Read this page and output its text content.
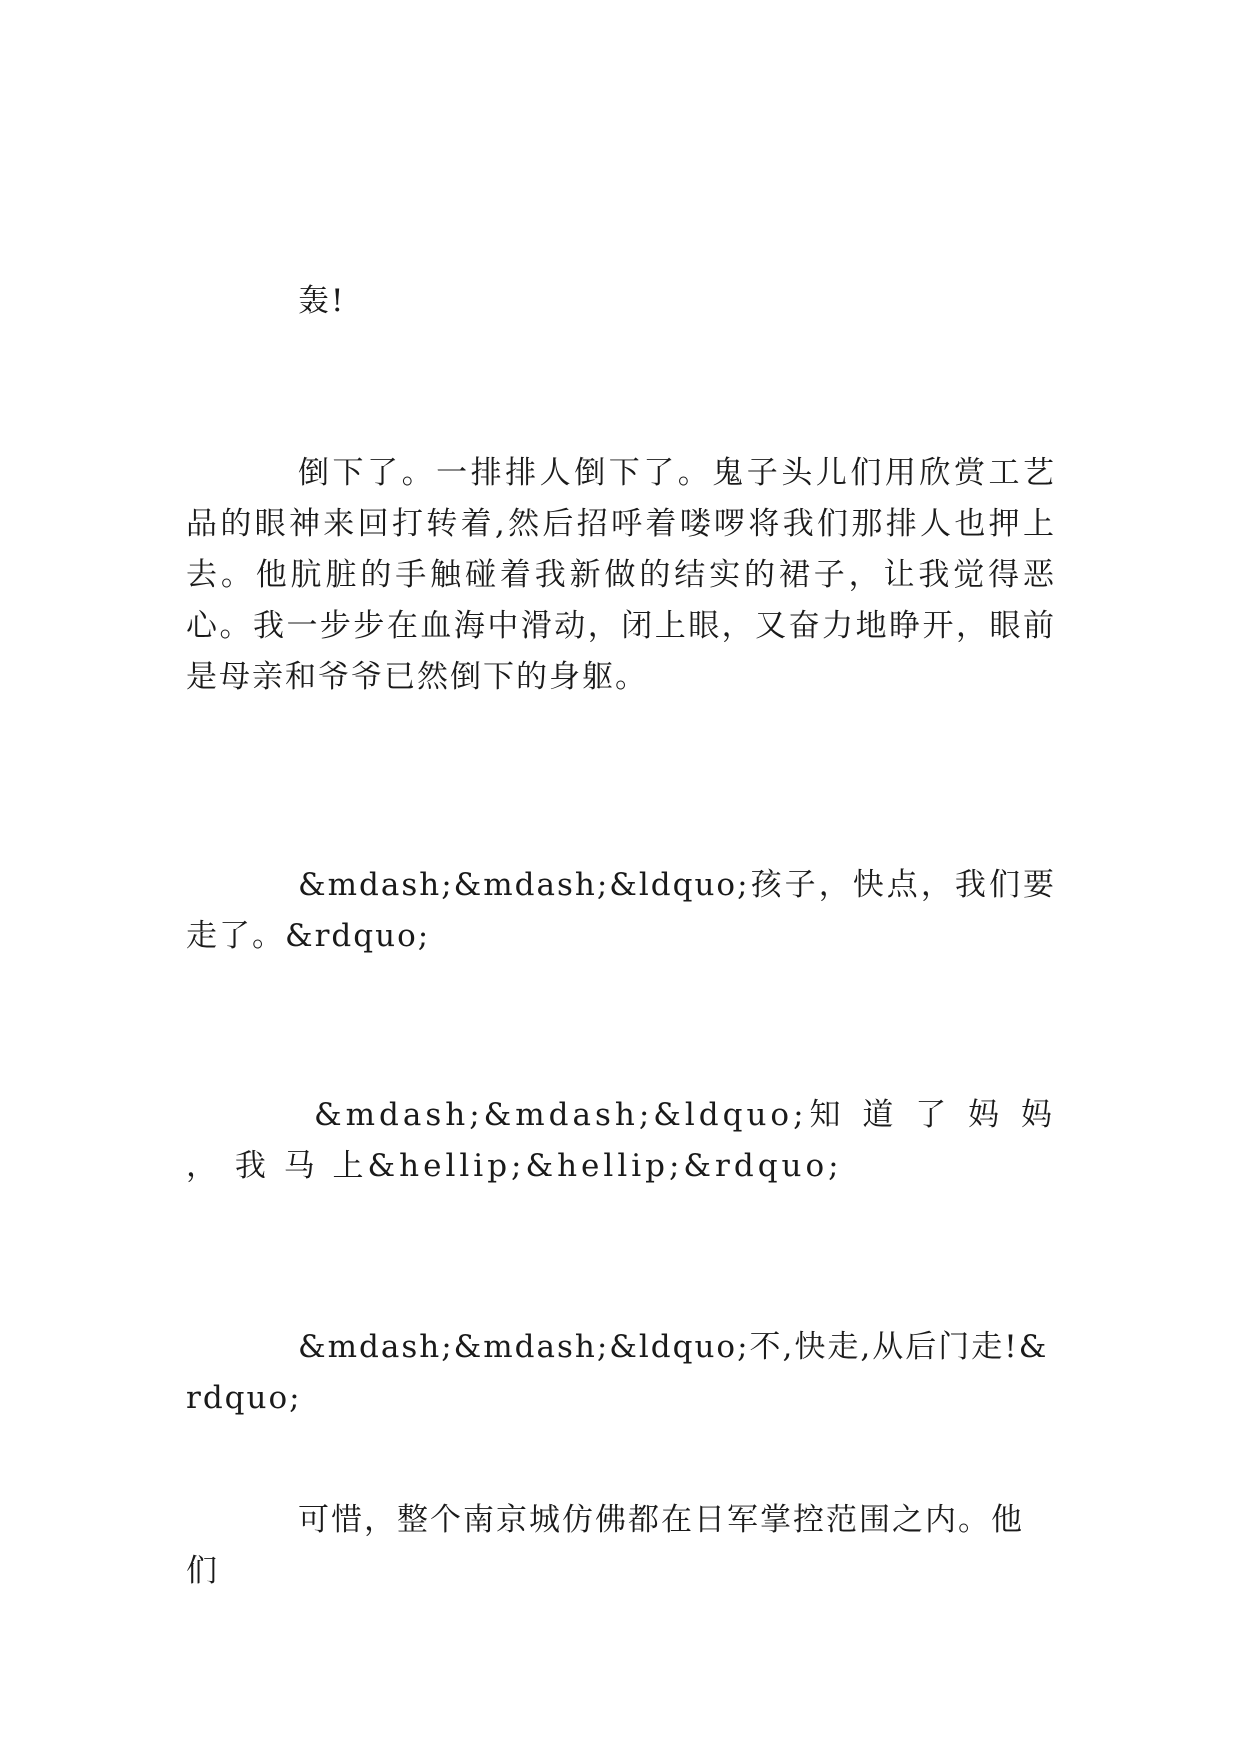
轰!

倒下了。一排排人倒下了。鬼子头儿们用欣赏工艺品的眼神来回打转着,然后招呼着喽啰将我们那排人也押上去。他肮脏的手触碰着我新做的结实的裙子，让我觉得恶心。我一步步在血海中滑动，闭上眼，又奋力地睁开，眼前是母亲和爷爷已然倒下的身躯。

&mdash;&mdash;&ldquo;孩子，快点，我们要走了。&rdquo;

&mdash;&mdash;&ldquo;知 道 了 妈 妈 ， 我 马 上&hellip;&hellip;&rdquo;

&mdash;&mdash;&ldquo;不,快走,从后门走!&rdquo;

可惜，整个南京城仿佛都在日军掌控范围之内。他们
